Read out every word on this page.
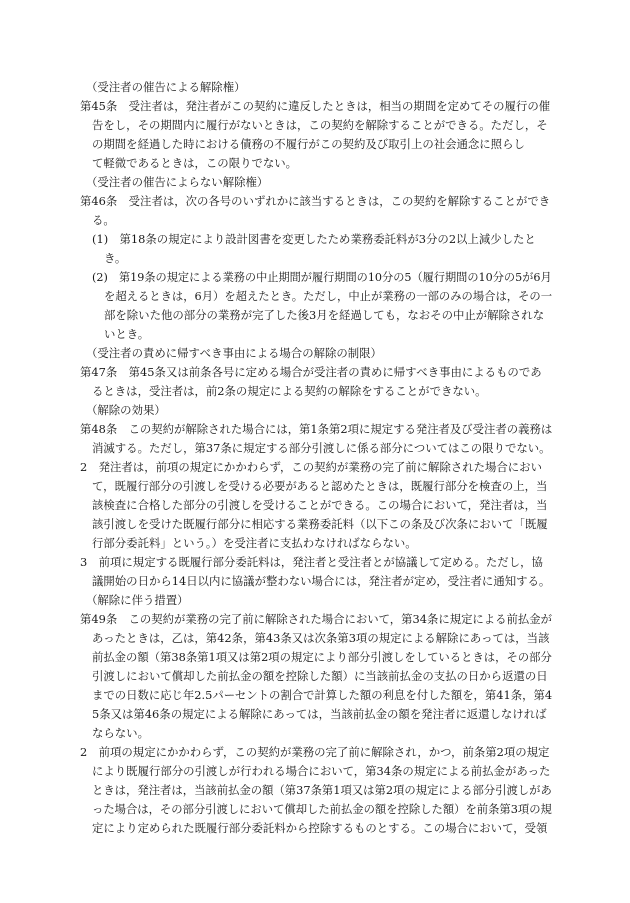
（受注者の催告による解除権）
第45条　受注者は，発注者がこの契約に違反したときは，相当の期間を定めてその履行の催
告をし，その期間内に履行がないときは，この契約を解除することができる。ただし，そ
の期間を経過した時における債務の不履行がこの契約及び取引上の社会通念に照らし
て軽微であるときは，この限りでない。
（受注者の催告によらない解除権）
第46条　受注者は，次の各号のいずれかに該当するときは，この契約を解除することができ
る。
(1)　第18条の規定により設計図書を変更したため業務委託料が3分の2以上減少したと
き。
(2)　第19条の規定による業務の中止期間が履行期間の10分の5（履行期間の10分の5が6月
を超えるときは，6月）を超えたとき。ただし，中止が業務の一部のみの場合は，その一
部を除いた他の部分の業務が完了した後3月を経過しても，なおその中止が解除されな
いとき。
（受注者の責めに帰すべき事由による場合の解除の制限）
第47条　第45条又は前条各号に定める場合が受注者の責めに帰すべき事由によるものであ
るときは，受注者は，前2条の規定による契約の解除をすることができない。
（解除の効果）
第48条　この契約が解除された場合には，第1条第2項に規定する発注者及び受注者の義務は
消滅する。ただし，第37条に規定する部分引渡しに係る部分についてはこの限りでない。
2　発注者は，前項の規定にかかわらず，この契約が業務の完了前に解除された場合におい
て，既履行部分の引渡しを受ける必要があると認めたときは，既履行部分を検査の上，当
該検査に合格した部分の引渡しを受けることができる。この場合において，発注者は，当
該引渡しを受けた既履行部分に相応する業務委託料（以下この条及び次条において「既履
行部分委託料」という。）を受注者に支払わなければならない。
3　前項に規定する既履行部分委託料は，発注者と受注者とが協議して定める。ただし，協
議開始の日から14日以内に協議が整わない場合には，発注者が定め，受注者に通知する。
（解除に伴う措置）
第49条　この契約が業務の完了前に解除された場合において，第34条に規定による前払金が
あったときは，乙は，第42条，第43条又は次条第3項の規定による解除にあっては，当該
前払金の額（第38条第1項又は第2項の規定により部分引渡しをしているときは，その部分
引渡しにおいて償却した前払金の額を控除した額）に当該前払金の支払の日から返還の日
までの日数に応じ年2.5パーセントの割合で計算した額の利息を付した額を，第41条，第4
5条又は第46条の規定による解除にあっては，当該前払金の額を発注者に返還しなければ
ならない。
2　前項の規定にかかわらず，この契約が業務の完了前に解除され，かつ，前条第2項の規定
により既履行部分の引渡しが行われる場合において，第34条の規定による前払金があった
ときは，発注者は，当該前払金の額（第37条第1項又は第2項の規定による部分引渡しがあ
った場合は，その部分引渡しにおいて償却した前払金の額を控除した額）を前条第3項の規
定により定められた既履行部分委託料から控除するものとする。この場合において，受領
